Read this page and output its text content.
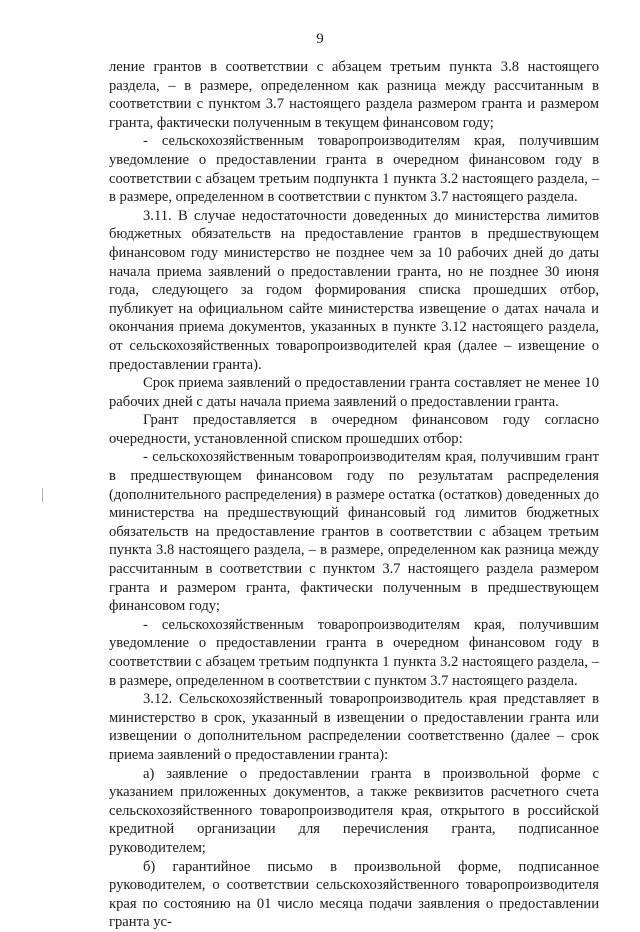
9

ление грантов в соответствии с абзацем третьим пункта 3.8 настоящего раздела, – в размере, определенном как разница между рассчитанным в соответствии с пунктом 3.7 настоящего раздела размером гранта и размером гранта, фактически полученным в текущем финансовом году;

- сельскохозяйственным товаропроизводителям края, получившим уведомление о предоставлении гранта в очередном финансовом году в соответствии с абзацем третьим подпункта 1 пункта 3.2 настоящего раздела, – в размере, определенном в соответствии с пунктом 3.7 настоящего раздела.

3.11. В случае недостаточности доведенных до министерства лимитов бюджетных обязательств на предоставление грантов в предшествующем финансовом году министерство не позднее чем за 10 рабочих дней до даты начала приема заявлений о предоставлении гранта, но не позднее 30 июня года, следующего за годом формирования списка прошедших отбор, публикует на официальном сайте министерства извещение о датах начала и окончания приема документов, указанных в пункте 3.12 настоящего раздела, от сельскохозяйственных товаропроизводителей края (далее – извещение о предоставлении гранта).

Срок приема заявлений о предоставлении гранта составляет не менее 10 рабочих дней с даты начала приема заявлений о предоставлении гранта.

Грант предоставляется в очередном финансовом году согласно очередности, установленной списком прошедших отбор:

- сельскохозяйственным товаропроизводителям края, получившим грант в предшествующем финансовом году по результатам распределения (дополнительного распределения) в размере остатка (остатков) доведенных до министерства на предшествующий финансовый год лимитов бюджетных обязательств на предоставление грантов в соответствии с абзацем третьим пункта 3.8 настоящего раздела, – в размере, определенном как разница между рассчитанным в соответствии с пунктом 3.7 настоящего раздела размером гранта и размером гранта, фактически полученным в предшествующем финансовом году;

- сельскохозяйственным товаропроизводителям края, получившим уведомление о предоставлении гранта в очередном финансовом году в соответствии с абзацем третьим подпункта 1 пункта 3.2 настоящего раздела, – в размере, определенном в соответствии с пунктом 3.7 настоящего раздела.

3.12. Сельскохозяйственный товаропроизводитель края представляет в министерство в срок, указанный в извещении о предоставлении гранта или извещении о дополнительном распределении соответственно (далее – срок приема заявлений о предоставлении гранта):

а) заявление о предоставлении гранта в произвольной форме с указанием приложенных документов, а также реквизитов расчетного счета сельскохозяйственного товаропроизводителя края, открытого в российской кредитной организации для перечисления гранта, подписанное руководителем;

б) гарантийное письмо в произвольной форме, подписанное руководителем, о соответствии сельскохозяйственного товаропроизводителя края по состоянию на 01 число месяца подачи заявления о предоставлении гранта ус-
